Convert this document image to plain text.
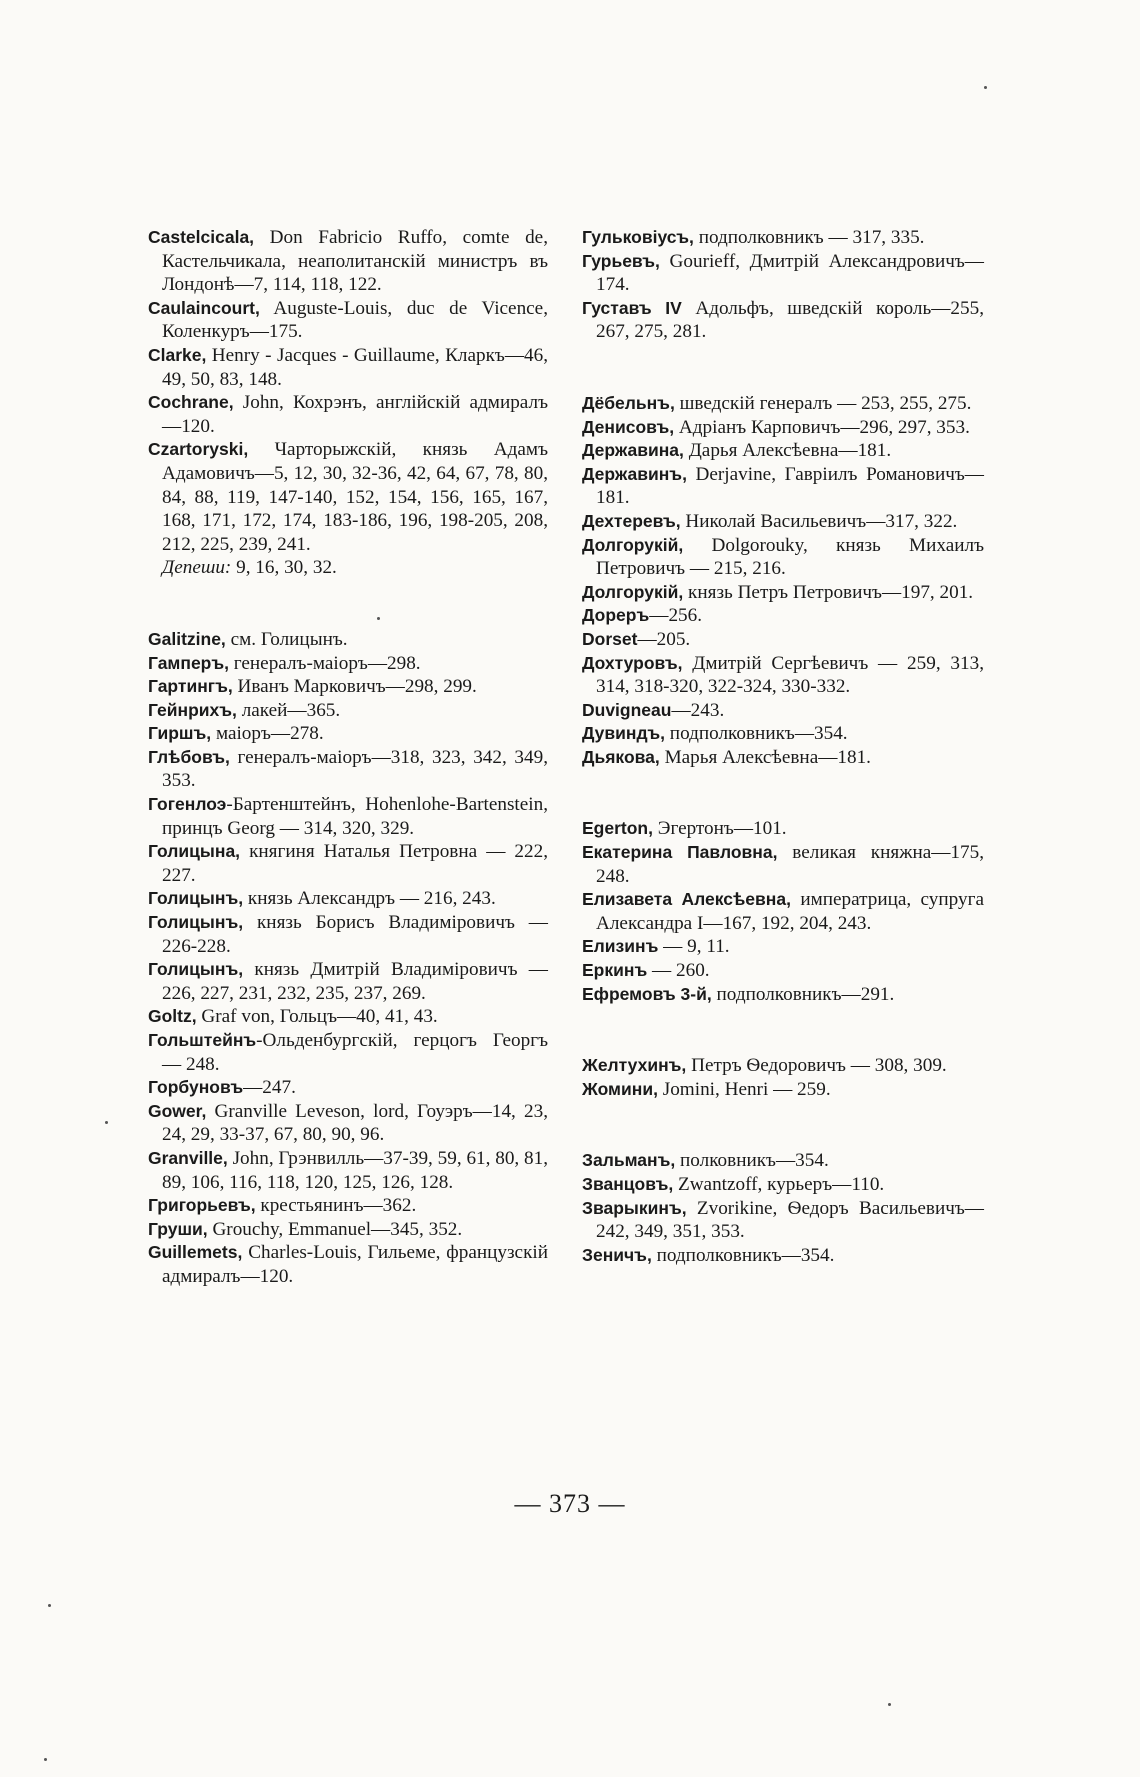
Castelcicala, Don Fabricio Ruffo, comte de, Кастельчикала, неаполитанскій министръ въ Лондонѣ—7, 114, 118, 122.
Caulaincourt, Auguste-Louis, duc de Vicence, Коленкуръ—175.
Clarke, Henry - Jacques - Guillaume, Кларкъ—46, 49, 50, 83, 148.
Cochrane, John, Кохрэнъ, англійскій адмиралъ—120.
Czartoryski, Чарторыжскій, князь Адамъ Адамовичъ—5, 12, 30, 32-36, 42, 64, 67, 78, 80, 84, 88, 119, 147-140, 152, 154, 156, 165, 167, 168, 171, 172, 174, 183-186, 196, 198-205, 208, 212, 225, 239, 241.
Депеши: 9, 16, 30, 32.
Galitzine, см. Голицынъ.
Гамперъ, генералъ-маіоръ—298.
Гартингъ, Иванъ Марковичъ—298, 299.
Гейнрихъ, лакей—365.
Гиршъ, маіоръ—278.
Глѣбовъ, генералъ-маіоръ—318, 323, 342, 349, 353.
Гогенлоэ-Бартенштейнъ, Hohenlohe-Bartenstein, принцъ Georg — 314, 320, 329.
Голицына, княгиня Наталья Петровна — 222, 227.
Голицынъ, князь Александръ — 216, 243.
Голицынъ, князь Борисъ Владиміровичъ — 226-228.
Голицынъ, князь Дмитрій Владиміровичъ — 226, 227, 231, 232, 235, 237, 269.
Goltz, Graf von, Гольцъ—40, 41, 43.
Гольштейнъ-Ольденбургскій, герцогъ Георгъ — 248.
Горбуновъ—247.
Gower, Granville Leveson, lord, Гоуэръ—14, 23, 24, 29, 33-37, 67, 80, 90, 96.
Granville, John, Грэнвилль—37-39, 59, 61, 80, 81, 89, 106, 116, 118, 120, 125, 126, 128.
Григорьевъ, крестьянинъ—362.
Груши, Grouchy, Emmanuel—345, 352.
Guillemets, Charles-Louis, Гильеме, французскій адмиралъ—120.
Гульковіусъ, подполковникъ — 317, 335.
Гурьевъ, Gourieff, Дмитрій Александровичъ—174.
Густавъ IV Адольфъ, шведскій король—255, 267, 275, 281.
Дёбельнъ, шведскій генералъ — 253, 255, 275.
Денисовъ, Адріанъ Карповичъ—296, 297, 353.
Державина, Дарья Алексѣевна—181.
Державинъ, Derjavine, Гавріилъ Романовичъ—181.
Дехтеревъ, Николай Васильевичъ—317, 322.
Долгорукій, Dolgorouky, князь Михаилъ Петровичъ — 215, 216.
Долгорукій, князь Петръ Петровичъ—197, 201.
Дореръ—256.
Dorset—205.
Дохтуровъ, Дмитрій Сергѣевичъ — 259, 313, 314, 318-320, 322-324, 330-332.
Duvigneau—243.
Дувиндъ, подполковникъ—354.
Дьякова, Марья Алексѣевна—181.
Egerton, Эгертонъ—101.
Екатерина Павловна, великая княжна—175, 248.
Елизавета Алексѣевна, императрица, супруга Александра I—167, 192, 204, 243.
Елизинъ — 9, 11.
Еркинъ — 260.
Ефремовъ 3-й, подполковникъ—291.
Желтухинъ, Петръ Ѳедоровичъ — 308, 309.
Жомини, Jomini, Henri — 259.
Зальманъ, полковникъ—354.
Званцовъ, Zwantzoff, курьеръ—110.
Зварыкинъ, Zvorikine, Ѳедоръ Васильевичъ—242, 349, 351, 353.
Зеничъ, подполковникъ—354.
— 373 —
